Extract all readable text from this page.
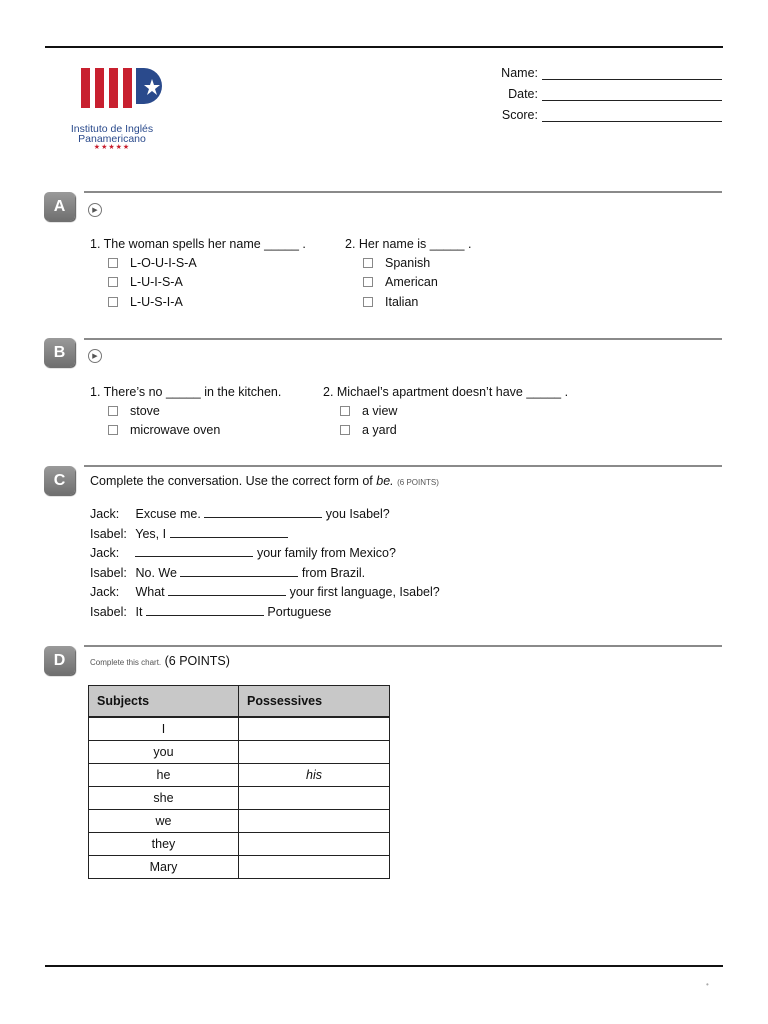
Instituto de Inglés
Panamericano
★★★★★
Name:
Date:
Score:
A	▶
1. The woman spells her name _____ .
L-O-U-I-S-A
L-U-I-S-A
L-U-S-I-A
2. Her name is _____ .
Spanish
American
Italian
B	▶
1. There’s no _____ in the kitchen.
stove
microwave oven
2. Michael’s apartment doesn’t have _____ .
a view
a yard
C	Complete the conversation. Use the correct form of be. (6 POINTS)
Jack: Excuse me.	you Isabel?
Isabel: Yes, I
Jack:	your family from Mexico?
Isabel: No. We	from Brazil.
Jack: What	your first language, Isabel?
Isabel: It	Portuguese
D	Complete this chart. (6 POINTS)
Subjects	Possessives
I	
you	
he	his
she	
we	
they	
Mary	
•
